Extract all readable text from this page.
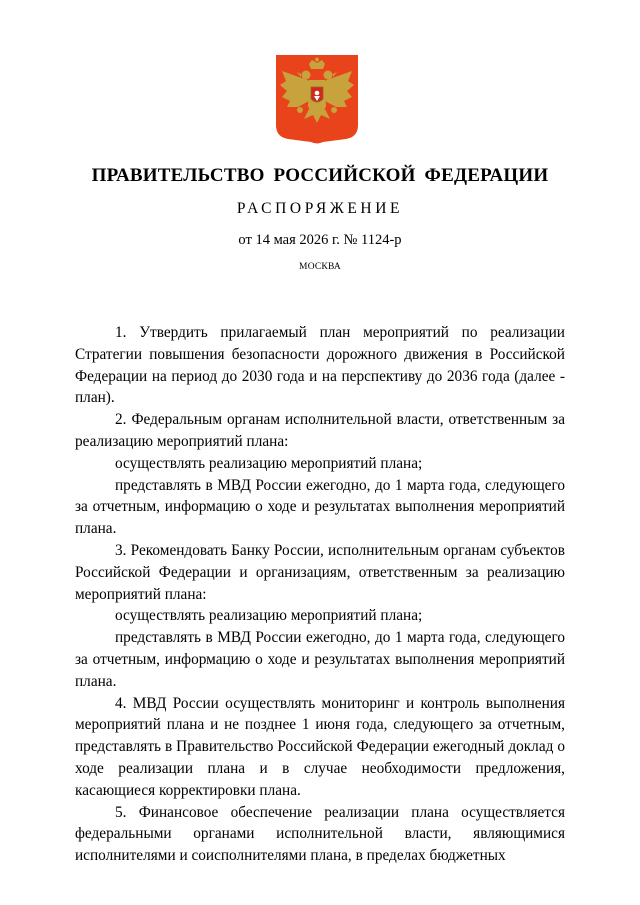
ПРАВИТЕЛЬСТВО РОССИЙСКОЙ ФЕДЕРАЦИИ
РАСПОРЯЖЕНИЕ
от 14 мая 2026 г. № 1124-р
МОСКВА

1. Утвердить прилагаемый план мероприятий по реализации Стратегии повышения безопасности дорожного движения в Российской Федерации на период до 2030 года и на перспективу до 2036 года (далее - план).

2. Федеральным органам исполнительной власти, ответственным за реализацию мероприятий плана:

осуществлять реализацию мероприятий плана;

представлять в МВД России ежегодно, до 1 марта года, следующего за отчетным, информацию о ходе и результатах выполнения мероприятий плана.

3. Рекомендовать Банку России, исполнительным органам субъектов Российской Федерации и организациям, ответственным за реализацию мероприятий плана:

осуществлять реализацию мероприятий плана;

представлять в МВД России ежегодно, до 1 марта года, следующего за отчетным, информацию о ходе и результатах выполнения мероприятий плана.

4. МВД России осуществлять мониторинг и контроль выполнения мероприятий плана и не позднее 1 июня года, следующего за отчетным, представлять в Правительство Российской Федерации ежегодный доклад о ходе реализации плана и в случае необходимости предложения, касающиеся корректировки плана.

5. Финансовое обеспечение реализации плана осуществляется федеральными органами исполнительной власти, являющимися исполнителями и соисполнителями плана, в пределах бюджетных
